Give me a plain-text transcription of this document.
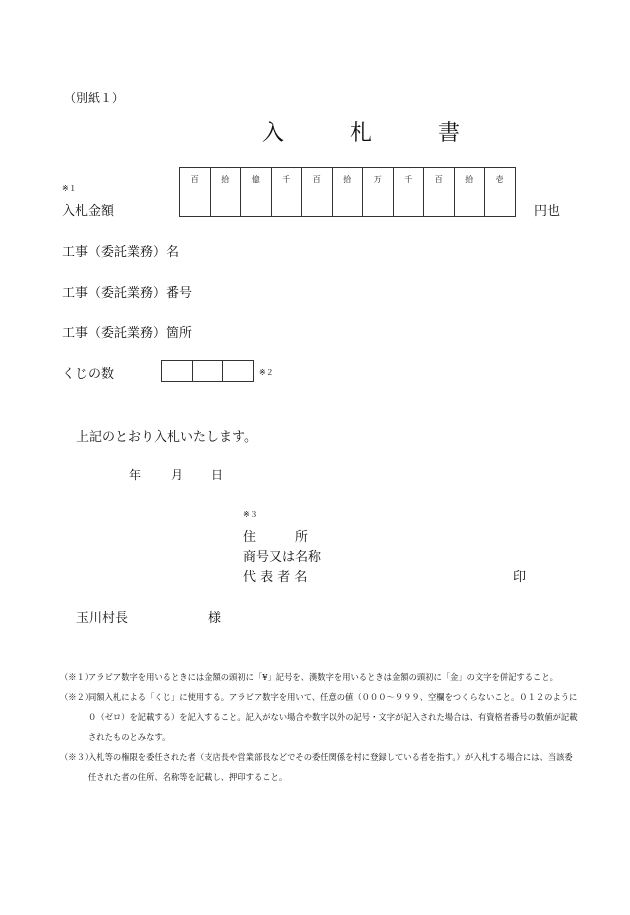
（別紙１）
入　札　書
※１
入札金額
百	拾	億	千	百	拾	万	千	百	拾	壱
円也
工事（委託業務）名
工事（委託業務）番号
工事（委託業務）箇所
くじの数
			※２
上記のとおり入札いたします。
年 月 日
※３
住　　　所
商号又は名称
代 表 者 名	印
玉川村長	様
（※１）
アラビア数字を用いるときには金額の頭初に「¥」記号を、漢数字を用いるときは金額の頭初に「金」の文字を併記すること。
（※２）
同額入札による「くじ」に使用する。アラビア数字を用いて、任意の値（０００～９９９、空欄をつくらないこと。０１２のように０（ゼロ）を記載する）を記入すること。記入がない場合や数字以外の記号・文字が記入された場合は、有資格者番号の数値が記載されたものとみなす。
（※３）
入札等の権限を委任された者（支店長や営業部長などでその委任関係を村に登録している者を指す。）が入札する場合には、当該委任された者の住所、名称等を記載し、押印すること。
